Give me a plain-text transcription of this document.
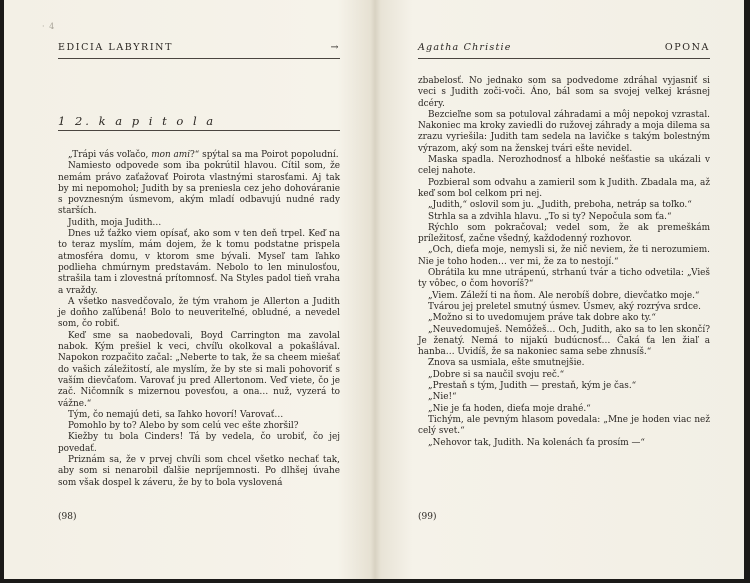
· 4
EDICIA LABYRINT	→
1 2. k a p i t o l a

„Trápi vás voľačo, mon ami?“ spýtal sa ma Poirot popoludní.

Namiesto odpovede som iba pokrútil hlavou. Cítil som, že nemám právo zaťažovať Poirota vlastnými starosťami. Aj tak by mi nepomohol; Judith by sa preniesla cez jeho dohováranie s povznesným úsmevom, akým mladí odbavujú nudné rady starších.

Judith, moja Judith…

Dnes už ťažko viem opísať, ako som v ten deň trpel. Keď na to teraz myslím, mám dojem, že k tomu podstatne prispela atmosféra domu, v ktorom sme bývali. Myseľ tam ľahko podlieha chmúrnym predstavám. Nebolo to len minulosťou, strašila tam i zlovestná prítomnosť. Na Styles padol tieň vraha a vraždy.

A všetko nasvedčovalo, že tým vrahom je Allerton a Judith je doňho zaľúbená! Bolo to neuveriteľné, obludné, a nevedel som, čo robiť.

Keď sme sa naobedovali, Boyd Carrington ma zavolal nabok. Kým prešiel k veci, chvíľu okolkoval a pokašlával. Napokon rozpačito začal: „Neberte to tak, že sa cheem miešať do vašich záležitostí, ale myslím, že by ste si mali pohovoriť s vaším dievčaťom. Varovať ju pred Allertonom. Veď viete, čo je zač. Ničomník s mizernou povesťou, a ona… nuž, vyzerá to vážne.“

Tým, čo nemajú deti, sa ľahko hovorí! Varovať…

Pomohlo by to? Alebo by som celú vec ešte zhoršil?

Kiežby tu bola Cinders! Tá by vedela, čo urobiť, čo jej povedať.

Priznám sa, že v prvej chvíli som chcel všetko nechať tak, aby som si nenarobil ďalšie nepríjemnosti. Po dlhšej úvahe som však dospel k záveru, že by to bola vyslovená

(98)
Agatha Christie	OPONA

zbabelosť. No jednako som sa podvedome zdráhal vyjasniť si veci s Judith zoči-voči. Áno, bál som sa svojej veľkej krásnej dcéry.

Bezcieľne som sa potuloval záhradami a môj nepokoj vzrastal. Nakoniec ma kroky zaviedli do ružovej záhrady a moja dilema sa zrazu vyriešila: Judith tam sedela na lavičke s takým bolestným výrazom, aký som na ženskej tvári ešte nevidel.

Maska spadla. Nerozhodnosť a hlboké nešťastie sa ukázali v celej nahote.

Pozbieral som odvahu a zamieril som k Judith. Zbadala ma, až keď som bol celkom pri nej.

„Judith,“ oslovil som ju. „Judith, preboha, netráp sa toľko.“

Strhla sa a zdvihla hlavu. „To si ty? Nepočula som ťa.“

Rýchlo som pokračoval; vedel som, že ak premeškám príležitosť, začne všedný, každodenný rozhovor.

„Och, dieťa moje, nemysli si, že nič neviem, že ti nerozumiem. Nie je toho hoden… ver mi, že za to nestojí.“

Obrátila ku mne utrápenú, strhanú tvár a ticho odvetila: „Vieš ty vôbec, o čom hovoríš?“

„Viem. Záleží ti na ňom. Ale nerobíš dobre, dievčatko moje.“

Tvárou jej preletel smutný úsmev. Úsmev, aký rozrýva srdce.

„Možno si to uvedomujem práve tak dobre ako ty.“

„Neuvedomuješ. Nemôžeš… Och, Judith, ako sa to len skončí? Je ženatý. Nemá to nijakú budúcnosť… Čaká ťa len žiaľ a hanba… Uvidíš, že sa nakoniec sama sebe zhnusíš.“

Znova sa usmiala, ešte smutnejšie.

„Dobre si sa naučil svoju reč.“

„Prestaň s tým, Judith — prestaň, kým je čas.“

„Nie!“

„Nie je ťa hoden, dieťa moje drahé.“

Tichým, ale pevným hlasom povedala: „Mne je hoden viac než celý svet.“

„Nehovor tak, Judith. Na kolenách ťa prosím —“

(99)
